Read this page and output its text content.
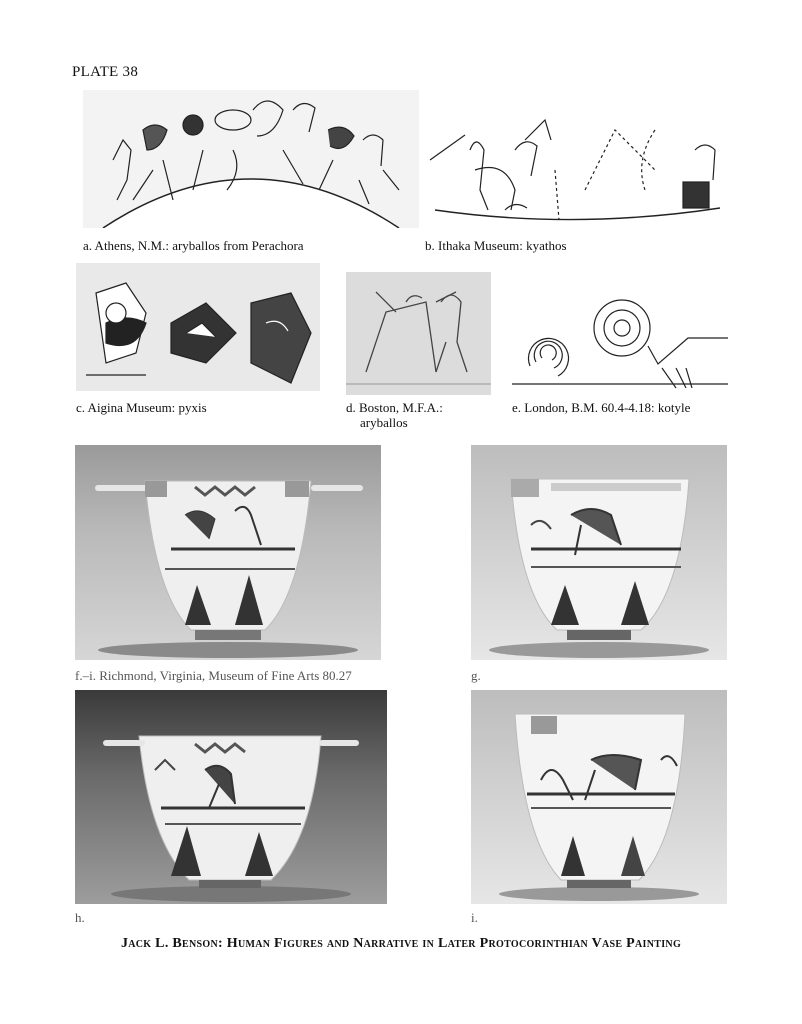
PLATE 38
a. Athens, N.M.: aryballos from Perachora	b. Ithaka Museum: kyathos
c. Aigina Museum: pyxis	d. Boston, M.F.A.:
aryballos
e. London, B.M. 60.4-4.18: kotyle
f.–i. Richmond, Virginia, Museum of Fine Arts 80.27	g.
h.	i.
Jack L. Benson: Human Figures and Narrative in Later Protocorinthian Vase Painting
